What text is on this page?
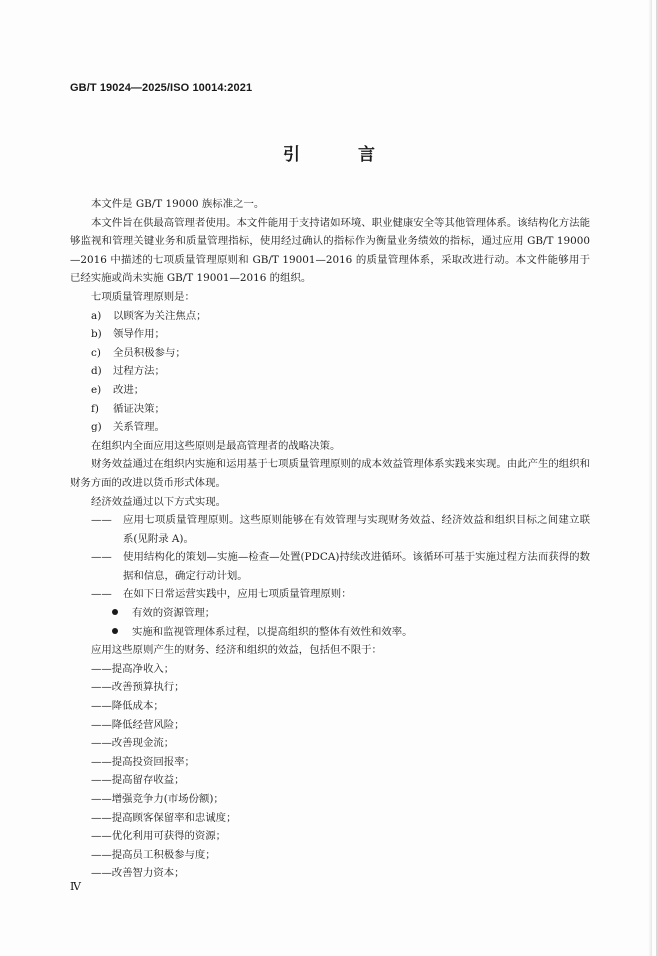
GB/T 19024—2025/ISO 10014:2021
引 言

本文件是 GB/T 19000 族标准之一。

本文件旨在供最高管理者使用。本文件能用于支持诸如环境、职业健康安全等其他管理体系。该结构化方法能够监视和管理关键业务和质量管理指标，使用经过确认的指标作为衡量业务绩效的指标，通过应用 GB/T 19000—2016 中描述的七项质量管理原则和 GB/T 19001—2016 的质量管理体系，采取改进行动。本文件能够用于已经实施或尚未实施 GB/T 19001—2016 的组织。

七项质量管理原则是：

a) 以顾客为关注焦点；

b) 领导作用；

c) 全员积极参与；

d) 过程方法；

e) 改进；

f) 循证决策；

g) 关系管理。

在组织内全面应用这些原则是最高管理者的战略决策。

财务效益通过在组织内实施和运用基于七项质量管理原则的成本效益管理体系实践来实现。由此产生的组织和财务方面的改进以货币形式体现。

经济效益通过以下方式实现。

——	应用七项质量管理原则。这些原则能够在有效管理与实现财务效益、经济效益和组织目标之间建立联系(见附录 A)。

——	使用结构化的策划—实施—检查—处置(PDCA)持续改进循环。该循环可基于实施过程方法而获得的数据和信息，确定行动计划。

——	在如下日常运营实践中，应用七项质量管理原则：

有效的资源管理；

实施和监视管理体系过程，以提高组织的整体有效性和效率。

应用这些原则产生的财务、经济和组织的效益，包括但不限于：

——提高净收入；

——改善预算执行；

——降低成本；

——降低经营风险；

——改善现金流；

——提高投资回报率；

——提高留存收益；

——增强竞争力(市场份额)；

——提高顾客保留率和忠诚度；

——优化利用可获得的资源；

——提高员工积极参与度；

——改善智力资本；

Ⅳ
